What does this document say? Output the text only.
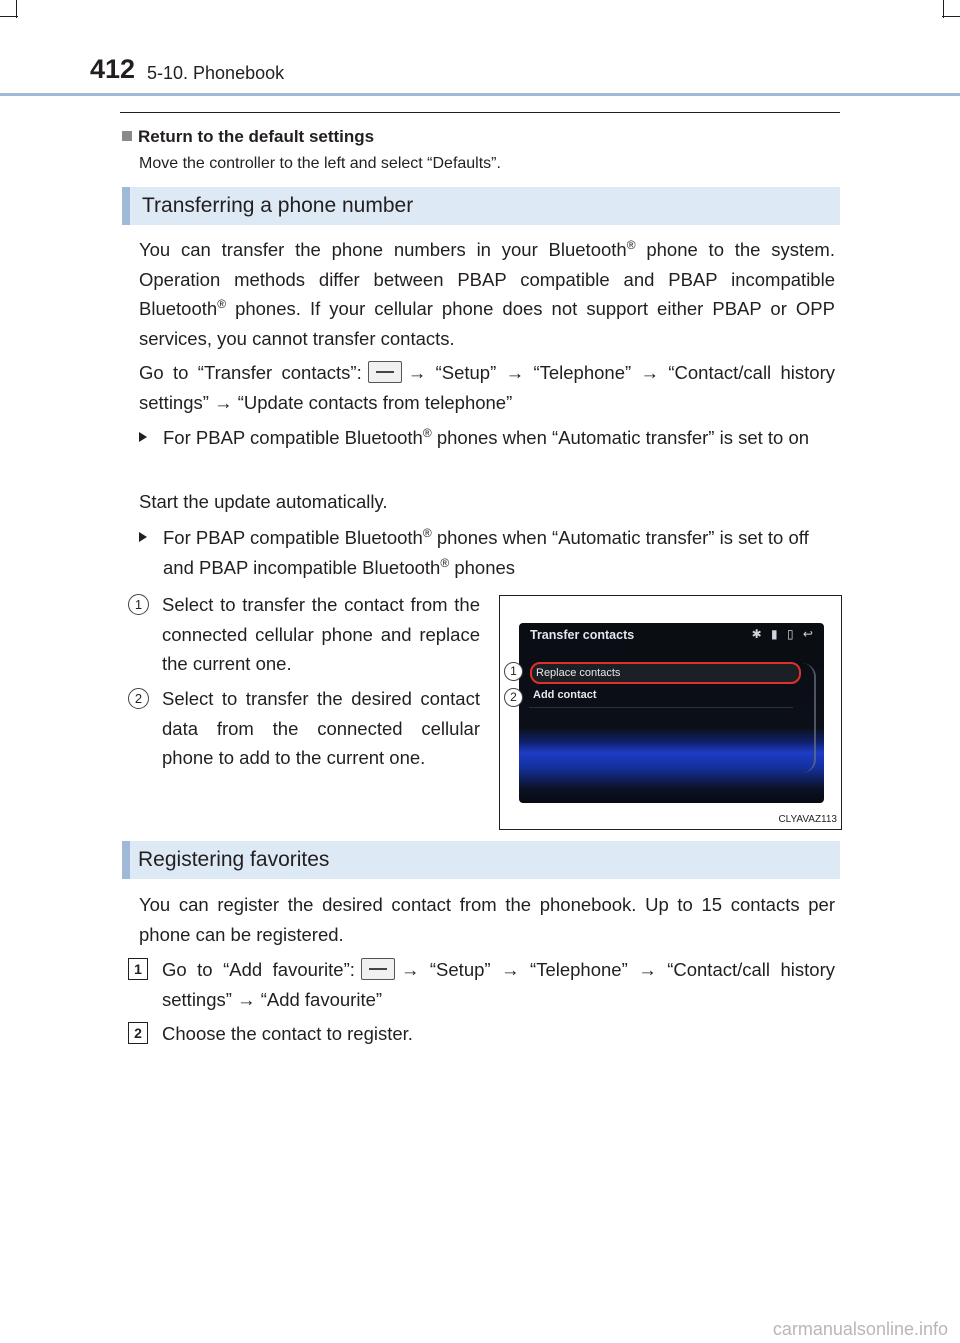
412 5-10. Phonebook
Return to the default settings
Move the controller to the left and select “Defaults”.
Transferring a phone number
You can transfer the phone numbers in your Bluetooth® phone to the system. Operation methods differ between PBAP compatible and PBAP incompatible Bluetooth® phones. If your cellular phone does not support either PBAP or OPP services, you cannot transfer contacts.
Go to “Transfer contacts”: → “Setup” → “Telephone” → “Contact/call history settings” → “Update contacts from telephone”
For PBAP compatible Bluetooth® phones when “Automatic transfer” is set to on
Start the update automatically.
For PBAP compatible Bluetooth® phones when “Automatic transfer” is set to off and PBAP incompatible Bluetooth® phones
1	Select to transfer the contact from the connected cellular phone and replace the current one.
2	Select to transfer the desired contact data from the connected cellular phone to add to the current one.
Transfer contacts	✱ ▮ ▯ ↩
Replace contacts
Add contact
1
2
CLYAVAZ113
Registering favorites
You can register the desired contact from the phonebook. Up to 15 contacts per phone can be registered.
1	Go to “Add favourite”: → “Setup” → “Telephone” → “Contact/call history settings” → “Add favourite”
2	Choose the contact to register.
carmanualsonline.info
